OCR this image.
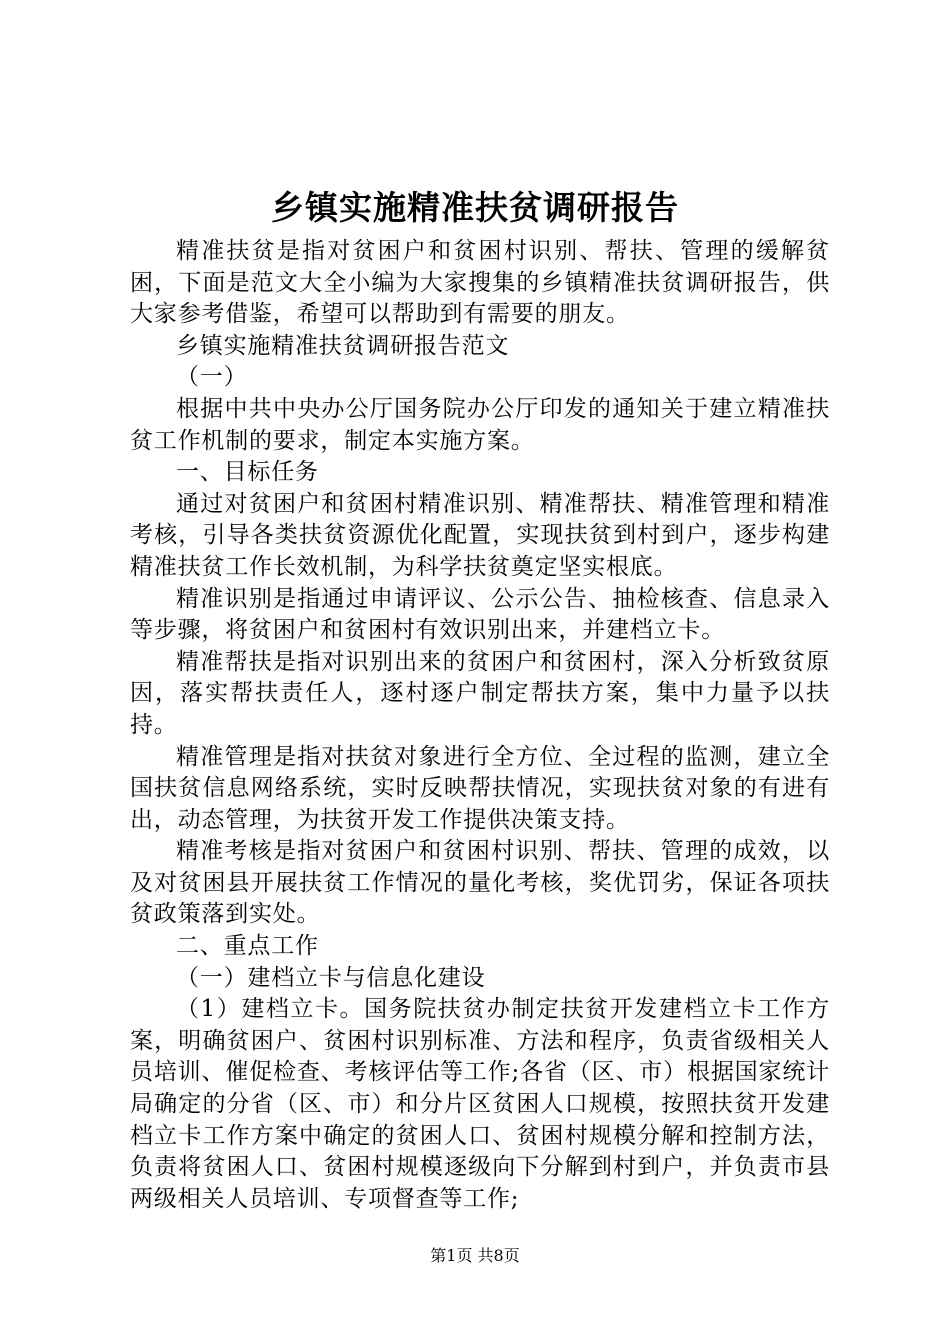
乡镇实施精准扶贫调研报告

精准扶贫是指对贫困户和贫困村识别、帮扶、管理的缓解贫困，下面是范文大全小编为大家搜集的乡镇精准扶贫调研报告，供大家参考借鉴，希望可以帮助到有需要的朋友。

乡镇实施精准扶贫调研报告范文

（一）

根据中共中央办公厅国务院办公厅印发的通知关于建立精准扶贫工作机制的要求，制定本实施方案。

一、目标任务

通过对贫困户和贫困村精准识别、精准帮扶、精准管理和精准考核，引导各类扶贫资源优化配置，实现扶贫到村到户，逐步构建精准扶贫工作长效机制，为科学扶贫奠定坚实根底。

精准识别是指通过申请评议、公示公告、抽检核查、信息录入等步骤，将贫困户和贫困村有效识别出来，并建档立卡。

精准帮扶是指对识别出来的贫困户和贫困村，深入分析致贫原因，落实帮扶责任人，逐村逐户制定帮扶方案，集中力量予以扶持。

精准管理是指对扶贫对象进行全方位、全过程的监测，建立全国扶贫信息网络系统，实时反映帮扶情况，实现扶贫对象的有进有出，动态管理，为扶贫开发工作提供决策支持。

精准考核是指对贫困户和贫困村识别、帮扶、管理的成效，以及对贫困县开展扶贫工作情况的量化考核，奖优罚劣，保证各项扶贫政策落到实处。

二、重点工作

（一）建档立卡与信息化建设

（1）建档立卡。国务院扶贫办制定扶贫开发建档立卡工作方案，明确贫困户、贫困村识别标准、方法和程序，负责省级相关人员培训、催促检查、考核评估等工作;各省（区、市）根据国家统计局确定的分省（区、市）和分片区贫困人口规模，按照扶贫开发建档立卡工作方案中确定的贫困人口、贫困村规模分解和控制方法，负责将贫困人口、贫困村规模逐级向下分解到村到户，并负责市县两级相关人员培训、专项督查等工作;

第1页 共8页
